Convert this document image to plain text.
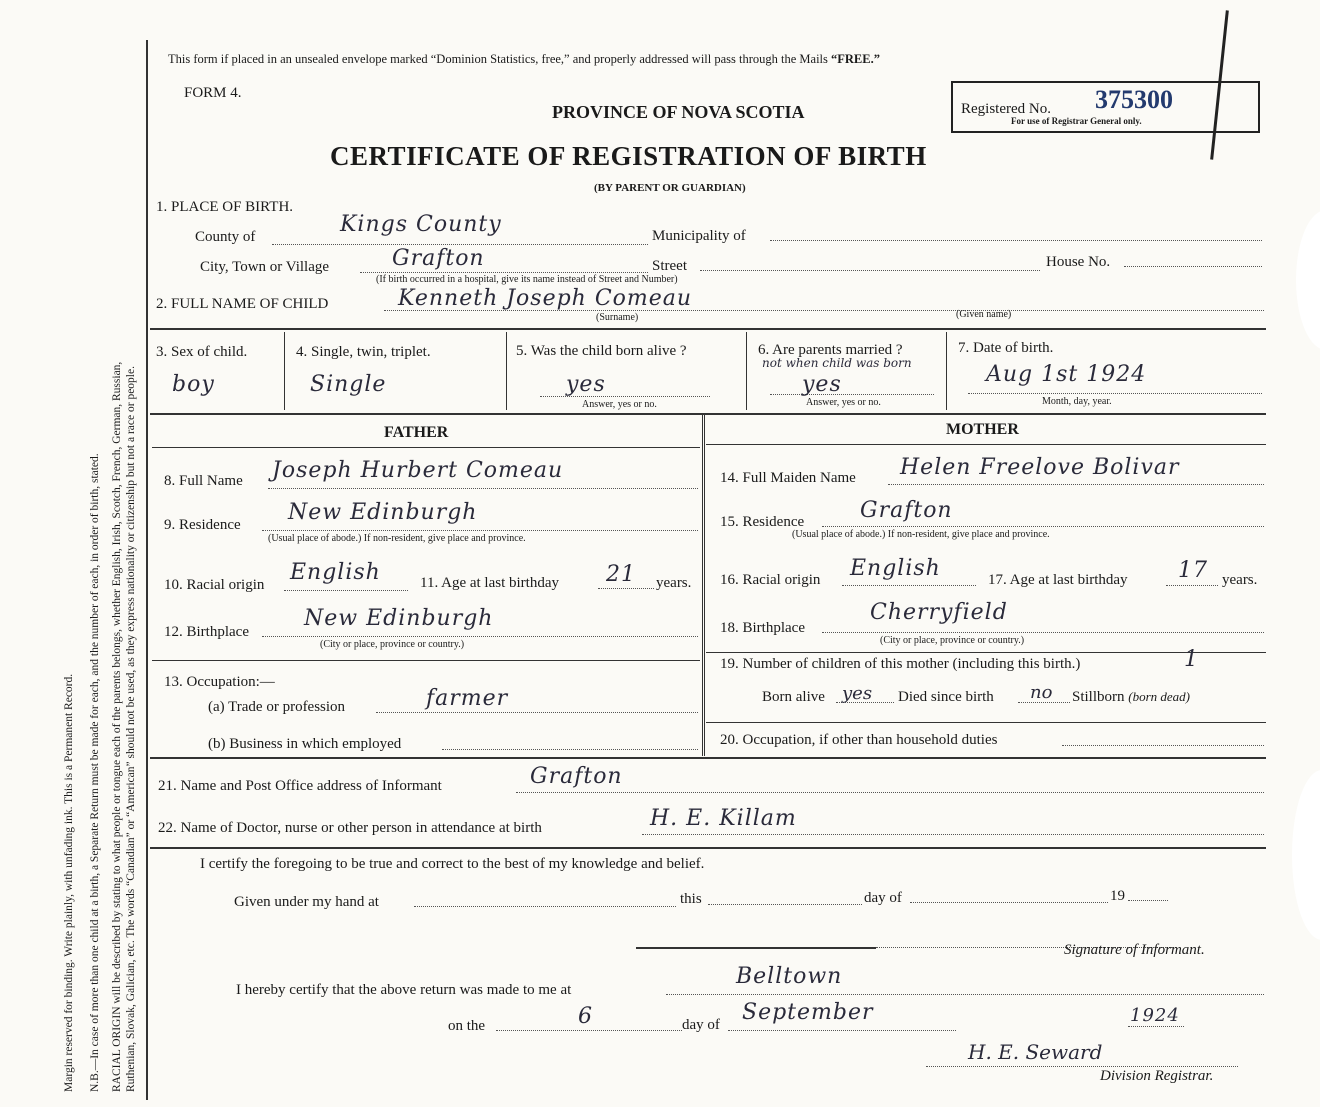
Margin reserved for binding. Write plainly, with unfading ink. This is a Permanent Record. N.B.—In case of more than one child at a birth, a Separate Return must be made for each, and the number of each, in order of birth, stated. RACIAL ORIGIN will be described by stating to what people or tongue each of the parents belongs, whether English, Irish, Scotch, French, German, Russian, Ruthenian, Slovak, Galician, etc. The words “Canadian” or “American” should not be used, as they express nationality or citizenship but not a race or people.
This form if placed in an unsealed envelope marked “Dominion Statistics, free,” and properly addressed will pass through the Mails “FREE.”
FORM 4.
PROVINCE OF NOVA SCOTIA
CERTIFICATE OF REGISTRATION OF BIRTH
(BY PARENT OR GUARDIAN)
Registered No. 375300
For use of Registrar General only.
1. PLACE OF BIRTH.
County of	Kings County	Municipality of
City, Town or Village	Grafton	Street	House No.
(If birth occurred in a hospital, give its name instead of Street and Number)
2. FULL NAME OF CHILD	Kenneth Joseph Comeau
(Surname)	(Given name)
3. Sex of child.
boy
4. Single, twin, triplet.
Single
5. Was the child born alive ?
yes
Answer, yes or no.
6. Are parents married ?
not when child was born
yes
Answer, yes or no.
7. Date of birth.
Aug 1st 1924
Month, day, year.
FATHER
8. Full Name Joseph Hurbert Comeau
9. Residence New Edinburgh
(Usual place of abode.) If non-resident, give place and province.
10. Racial origin English	11. Age at last birthday 21 years.
12. Birthplace
New Edinburgh
(City or place, province or country.)
13. Occupation:—
(a) Trade or profession	farmer
(b) Business in which employed
MOTHER
14. Full Maiden Name Helen Freelove Bolivar
15. Residence	Grafton
(Usual place of abode.) If non-resident, give place and province.
16. Racial origin English	17. Age at last birthday 17 years.
18. Birthplace
Cherryfield
(City or place, province or country.)
19. Number of children of this mother (including this birth.)	1
Born alive yes Died since birth no Stillborn (born dead)
20. Occupation, if other than household duties
21. Name and Post Office address of Informant	Grafton
22. Name of Doctor, nurse or other person in attendance at birth	H. E. Killam
I certify the foregoing to be true and correct to the best of my knowledge and belief.
Given under my hand at	this	day of	19
Signature of Informant.
I hereby certify that the above return was made to me at
Belltown
on the	6	day of September	1924
H. E. Seward
Division Registrar.
